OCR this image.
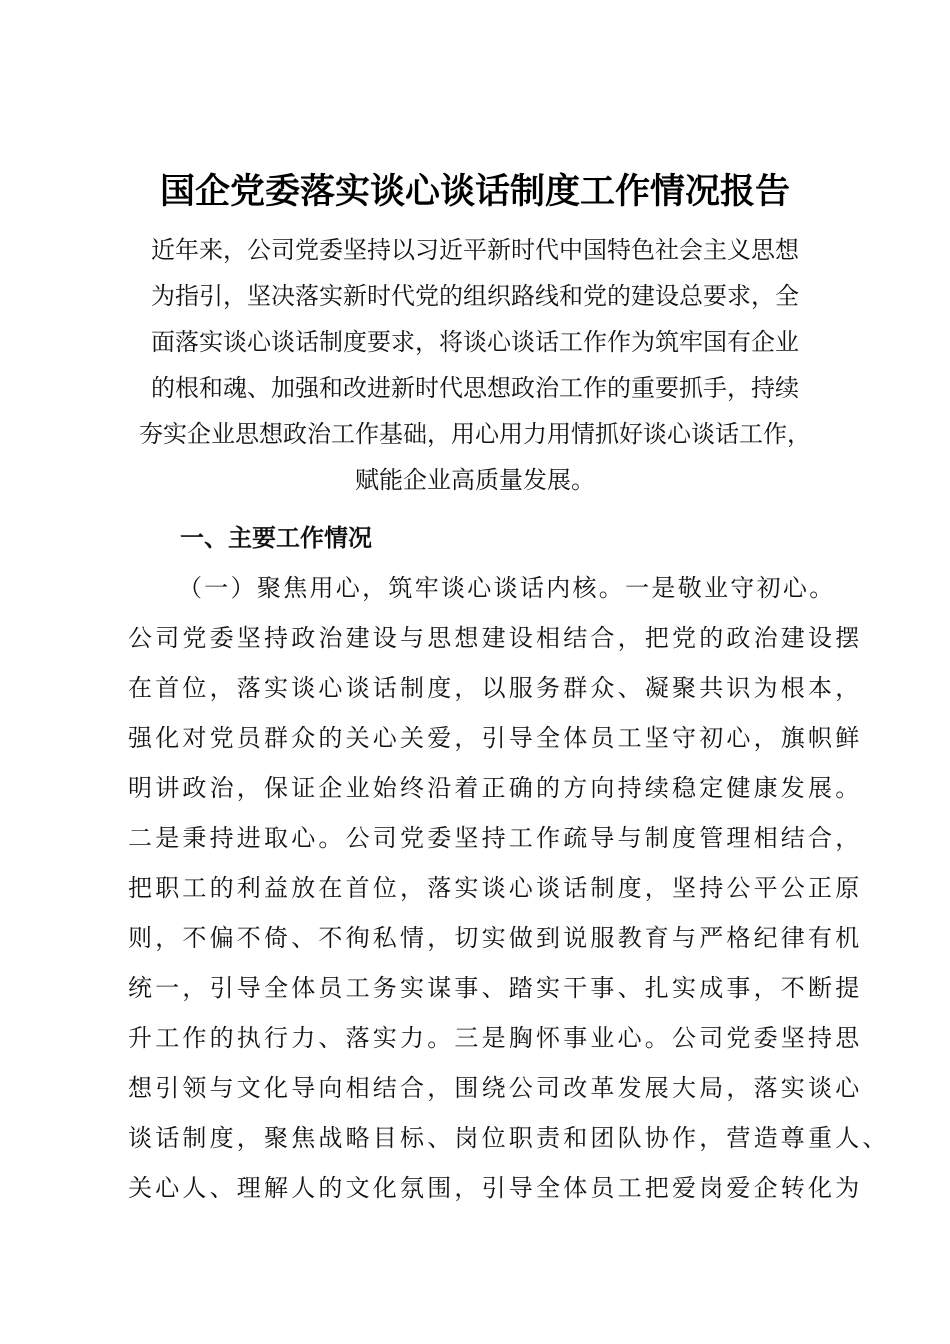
国企党委落实谈心谈话制度工作情况报告
近年来，公司党委坚持以习近平新时代中国特色社会主义思想
为指引，坚决落实新时代党的组织路线和党的建设总要求，全
面落实谈心谈话制度要求，将谈心谈话工作作为筑牢国有企业
的根和魂、加强和改进新时代思想政治工作的重要抓手，持续
夯实企业思想政治工作基础，用心用力用情抓好谈心谈话工作，
赋能企业高质量发展。
一、主要工作情况
（一）聚焦用心，筑牢谈心谈话内核。一是敬业守初心。
公司党委坚持政治建设与思想建设相结合，把党的政治建设摆
在首位，落实谈心谈话制度，以服务群众、凝聚共识为根本，
强化对党员群众的关心关爱，引导全体员工坚守初心，旗帜鲜
明讲政治，保证企业始终沿着正确的方向持续稳定健康发展。
二是秉持进取心。公司党委坚持工作疏导与制度管理相结合，
把职工的利益放在首位，落实谈心谈话制度，坚持公平公正原
则，不偏不倚、不徇私情，切实做到说服教育与严格纪律有机
统一，引导全体员工务实谋事、踏实干事、扎实成事，不断提
升工作的执行力、落实力。三是胸怀事业心。公司党委坚持思
想引领与文化导向相结合，围绕公司改革发展大局，落实谈心
谈话制度，聚焦战略目标、岗位职责和团队协作，营造尊重人、
关心人、理解人的文化氛围，引导全体员工把爱岗爱企转化为
